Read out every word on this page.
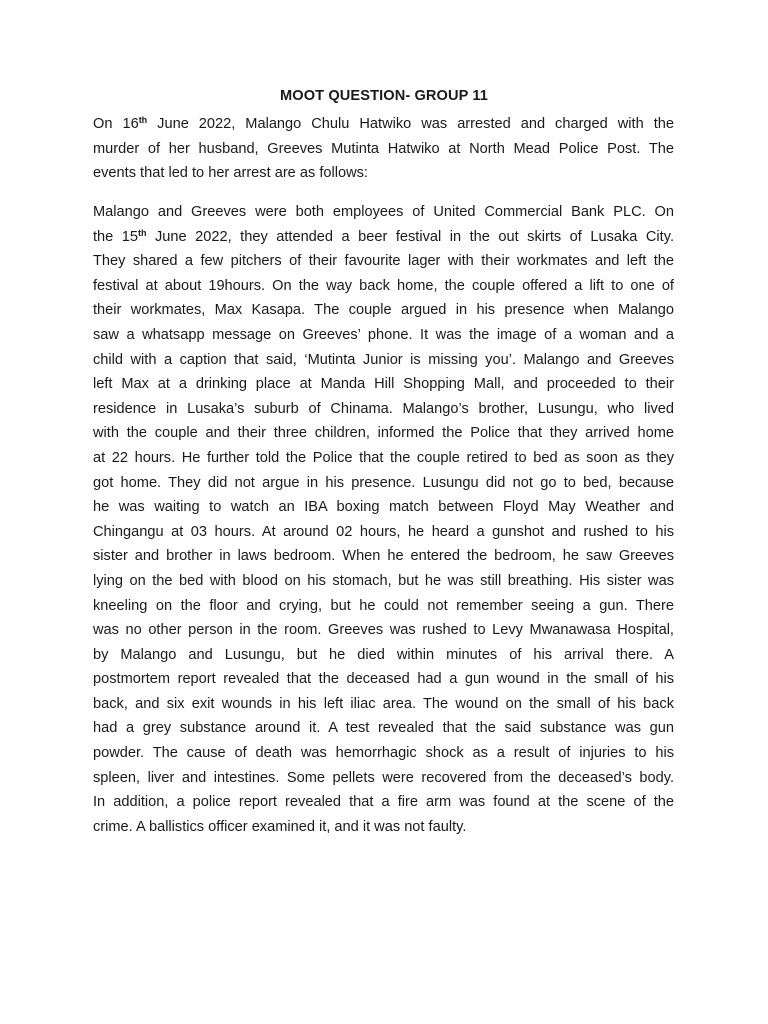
MOOT QUESTION- GROUP 11
On 16th June 2022, Malango Chulu Hatwiko was arrested and charged with the
murder of her husband, Greeves Mutinta Hatwiko at North Mead Police Post. The
events that led to her arrest are as follows:
Malango and Greeves were both employees of United Commercial Bank PLC. On
the 15th June 2022, they attended a beer festival in the out skirts of Lusaka City.
They shared a few pitchers of their favourite lager with their workmates and left the
festival at about 19hours. On the way back home, the couple offered a lift to one of
their workmates, Max Kasapa. The couple argued in his presence when Malango
saw a whatsapp message on Greeves’ phone. It was the image of a woman and a
child with a caption that said, ‘Mutinta Junior is missing you’. Malango and Greeves
left Max at a drinking place at Manda Hill Shopping Mall, and proceeded to their
residence in Lusaka’s suburb of Chinama. Malango’s brother, Lusungu, who lived
with the couple and their three children, informed the Police that they arrived home
at 22 hours. He further told the Police that the couple retired to bed as soon as they
got home. They did not argue in his presence. Lusungu did not go to bed, because
he was waiting to watch an IBA boxing match between Floyd May Weather and
Chingangu at 03 hours. At around 02 hours, he heard a gunshot and rushed to his
sister and brother in laws bedroom. When he entered the bedroom, he saw Greeves
lying on the bed with blood on his stomach, but he was still breathing. His sister was
kneeling on the floor and crying, but he could not remember seeing a gun. There
was no other person in the room. Greeves was rushed to Levy Mwanawasa Hospital,
by Malango and Lusungu, but he died within minutes of his arrival there. A
postmortem report revealed that the deceased had a gun wound in the small of his
back, and six exit wounds in his left iliac area. The wound on the small of his back
had a grey substance around it. A test revealed that the said substance was gun
powder. The cause of death was hemorrhagic shock as a result of injuries to his
spleen, liver and intestines. Some pellets were recovered from the deceased’s body.
In addition, a police report revealed that a fire arm was found at the scene of the
crime. A ballistics officer examined it, and it was not faulty.
